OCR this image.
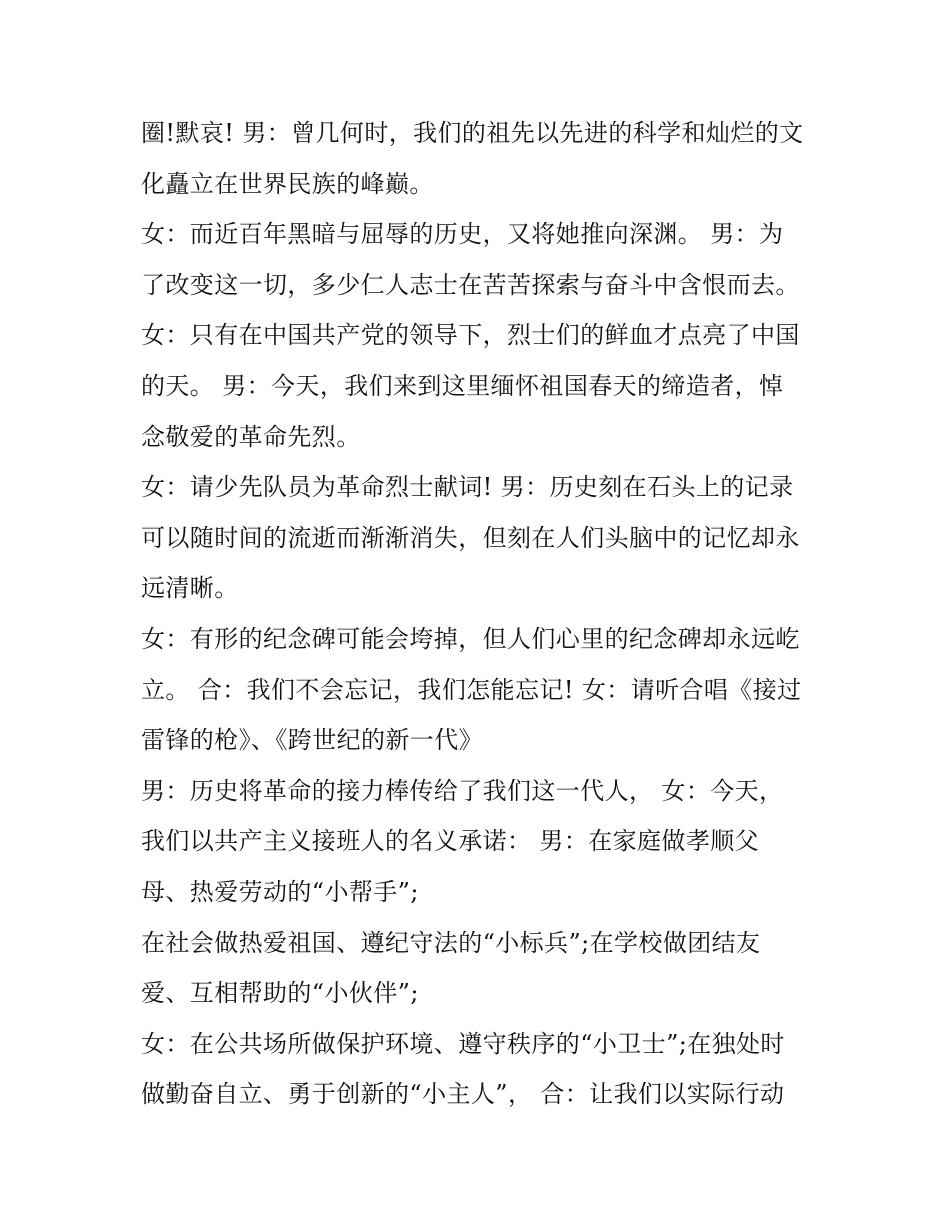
圈!默哀! 男：曾几何时，我们的祖先以先进的科学和灿烂的文
化矗立在世界民族的峰巅。
女：而近百年黑暗与屈辱的历史，又将她推向深渊。 男：为
了改变这一切，多少仁人志士在苦苦探索与奋斗中含恨而去。
女：只有在中国共产党的领导下，烈士们的鲜血才点亮了中国
的天。 男：今天，我们来到这里缅怀祖国春天的缔造者，悼
念敬爱的革命先烈。
女：请少先队员为革命烈士献词! 男：历史刻在石头上的记录
可以随时间的流逝而渐渐消失，但刻在人们头脑中的记忆却永
远清晰。
女：有形的纪念碑可能会垮掉，但人们心里的纪念碑却永远屹
立。 合：我们不会忘记，我们怎能忘记! 女：请听合唱《接过
雷锋的枪》、《跨世纪的新一代》
男：历史将革命的接力棒传给了我们这一代人， 女：今天，
我们以共产主义接班人的名义承诺： 男：在家庭做孝顺父
母、热爱劳动的“小帮手”;
在社会做热爱祖国、遵纪守法的“小标兵”;在学校做团结友
爱、互相帮助的“小伙伴”;
女：在公共场所做保护环境、遵守秩序的“小卫士”;在独处时
做勤奋自立、勇于创新的“小主人”， 合：让我们以实际行动
